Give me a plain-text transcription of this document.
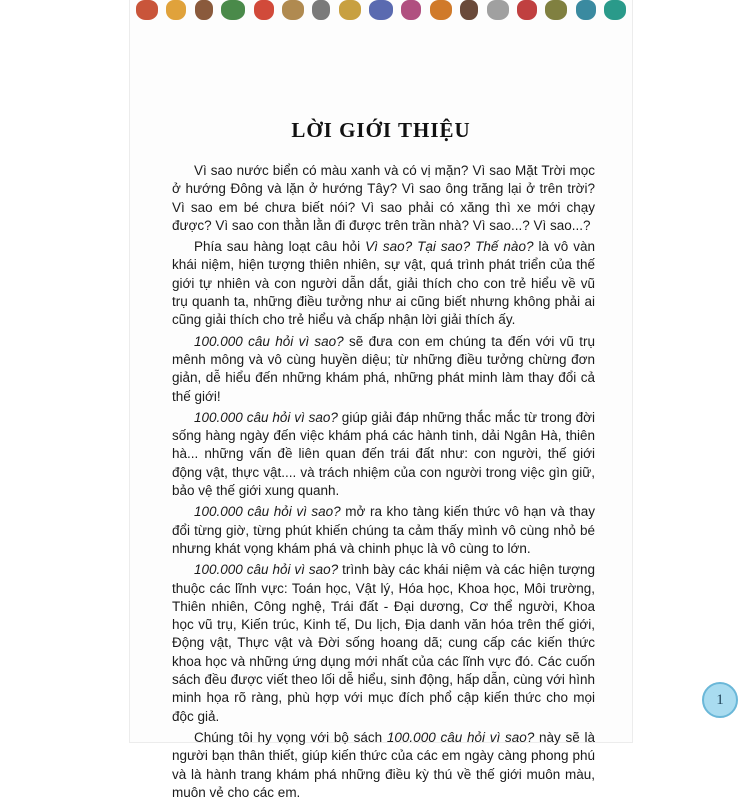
LỜI GIỚI THIỆU

Vì sao nước biển có màu xanh và có vị mặn? Vì sao Mặt Trời mọc ở hướng Đông và lặn ở hướng Tây? Vì sao ông trăng lại ở trên trời? Vì sao em bé chưa biết nói? Vì sao phải có xăng thì xe mới chạy được? Vì sao con thằn lằn đi được trên trần nhà? Vì sao...? Vì sao...?

Phía sau hàng loạt câu hỏi Vì sao? Tại sao? Thế nào? là vô vàn khái niệm, hiện tượng thiên nhiên, sự vật, quá trình phát triển của thế giới tự nhiên và con người dẫn dắt, giải thích cho con trẻ hiểu về vũ trụ quanh ta, những điều tưởng như ai cũng biết nhưng không phải ai cũng giải thích cho trẻ hiểu và chấp nhận lời giải thích ấy.

100.000 câu hỏi vì sao? sẽ đưa con em chúng ta đến với vũ trụ mênh mông và vô cùng huyền diệu; từ những điều tưởng chừng đơn giản, dễ hiểu đến những khám phá, những phát minh làm thay đổi cả thế giới!

100.000 câu hỏi vì sao? giúp giải đáp những thắc mắc từ trong đời sống hàng ngày đến việc khám phá các hành tinh, dải Ngân Hà, thiên hà... những vấn đề liên quan đến trái đất như: con người, thế giới động vật, thực vật.... và trách nhiệm của con người trong việc gìn giữ, bảo vệ thế giới xung quanh.

100.000 câu hỏi vì sao? mở ra kho tàng kiến thức vô hạn và thay đổi từng giờ, từng phút khiến chúng ta cảm thấy mình vô cùng nhỏ bé nhưng khát vọng khám phá và chinh phục là vô cùng to lớn.

100.000 câu hỏi vì sao? trình bày các khái niệm và các hiện tượng thuộc các lĩnh vực: Toán học, Vật lý, Hóa học, Khoa học, Môi trường, Thiên nhiên, Công nghệ, Trái đất - Đại dương, Cơ thể người, Khoa học vũ trụ, Kiến trúc, Kinh tế, Du lịch, Địa danh văn hóa trên thế giới, Động vật, Thực vật và Đời sống hoang dã; cung cấp các kiến thức khoa học và những ứng dụng mới nhất của các lĩnh vực đó. Các cuốn sách đều được viết theo lối dễ hiểu, sinh động, hấp dẫn, cùng với hình minh họa rõ ràng, phù hợp với mục đích phổ cập kiến thức cho mọi độc giả.

Chúng tôi hy vọng với bộ sách 100.000 câu hỏi vì sao? này sẽ là người bạn thân thiết, giúp kiến thức của các em ngày càng phong phú và là hành trang khám phá những điều kỳ thú về thế giới muôn màu, muôn vẻ cho các em.

1
